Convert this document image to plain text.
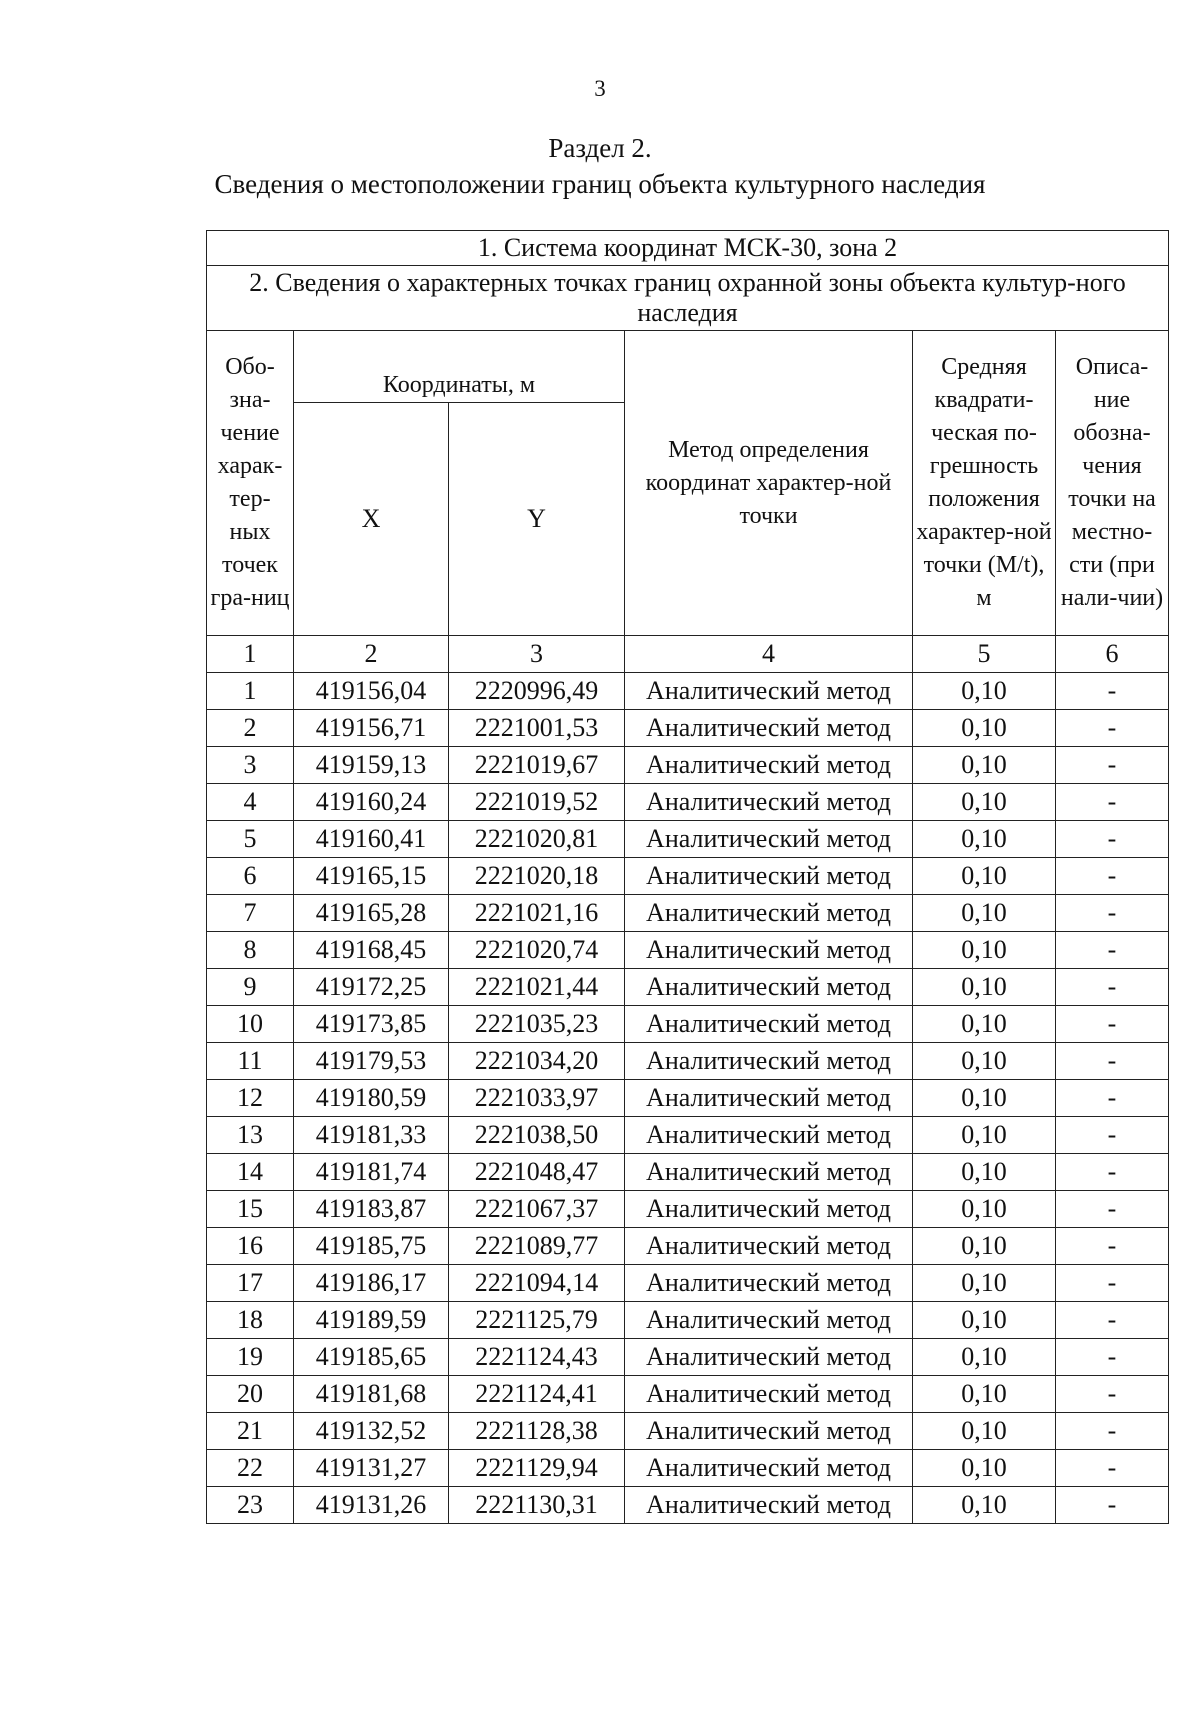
3
Раздел 2.
Сведения о местоположении границ объекта культурного наследия
1. Система координат МСК-30, зона 2					
2. Сведения о характерных точках границ охранной зоны объекта культур-ного наследия					
Обо-зна-чение харак-тер-ных точек гра-ниц	Координаты, м		Метод определения координат характер-ной точки	Средняя квадрати-ческая по-грешность положения характер-ной точки (M/t), м	Описа-ние обозна-чения точки на местно-сти (при нали-чии)
	X	Y			
1	2	3	4	5	6
1	419156,04	2220996,49	Аналитический метод	0,10	-
2	419156,71	2221001,53	Аналитический метод	0,10	-
3	419159,13	2221019,67	Аналитический метод	0,10	-
4	419160,24	2221019,52	Аналитический метод	0,10	-
5	419160,41	2221020,81	Аналитический метод	0,10	-
6	419165,15	2221020,18	Аналитический метод	0,10	-
7	419165,28	2221021,16	Аналитический метод	0,10	-
8	419168,45	2221020,74	Аналитический метод	0,10	-
9	419172,25	2221021,44	Аналитический метод	0,10	-
10	419173,85	2221035,23	Аналитический метод	0,10	-
11	419179,53	2221034,20	Аналитический метод	0,10	-
12	419180,59	2221033,97	Аналитический метод	0,10	-
13	419181,33	2221038,50	Аналитический метод	0,10	-
14	419181,74	2221048,47	Аналитический метод	0,10	-
15	419183,87	2221067,37	Аналитический метод	0,10	-
16	419185,75	2221089,77	Аналитический метод	0,10	-
17	419186,17	2221094,14	Аналитический метод	0,10	-
18	419189,59	2221125,79	Аналитический метод	0,10	-
19	419185,65	2221124,43	Аналитический метод	0,10	-
20	419181,68	2221124,41	Аналитический метод	0,10	-
21	419132,52	2221128,38	Аналитический метод	0,10	-
22	419131,27	2221129,94	Аналитический метод	0,10	-
23	419131,26	2221130,31	Аналитический метод	0,10	-
